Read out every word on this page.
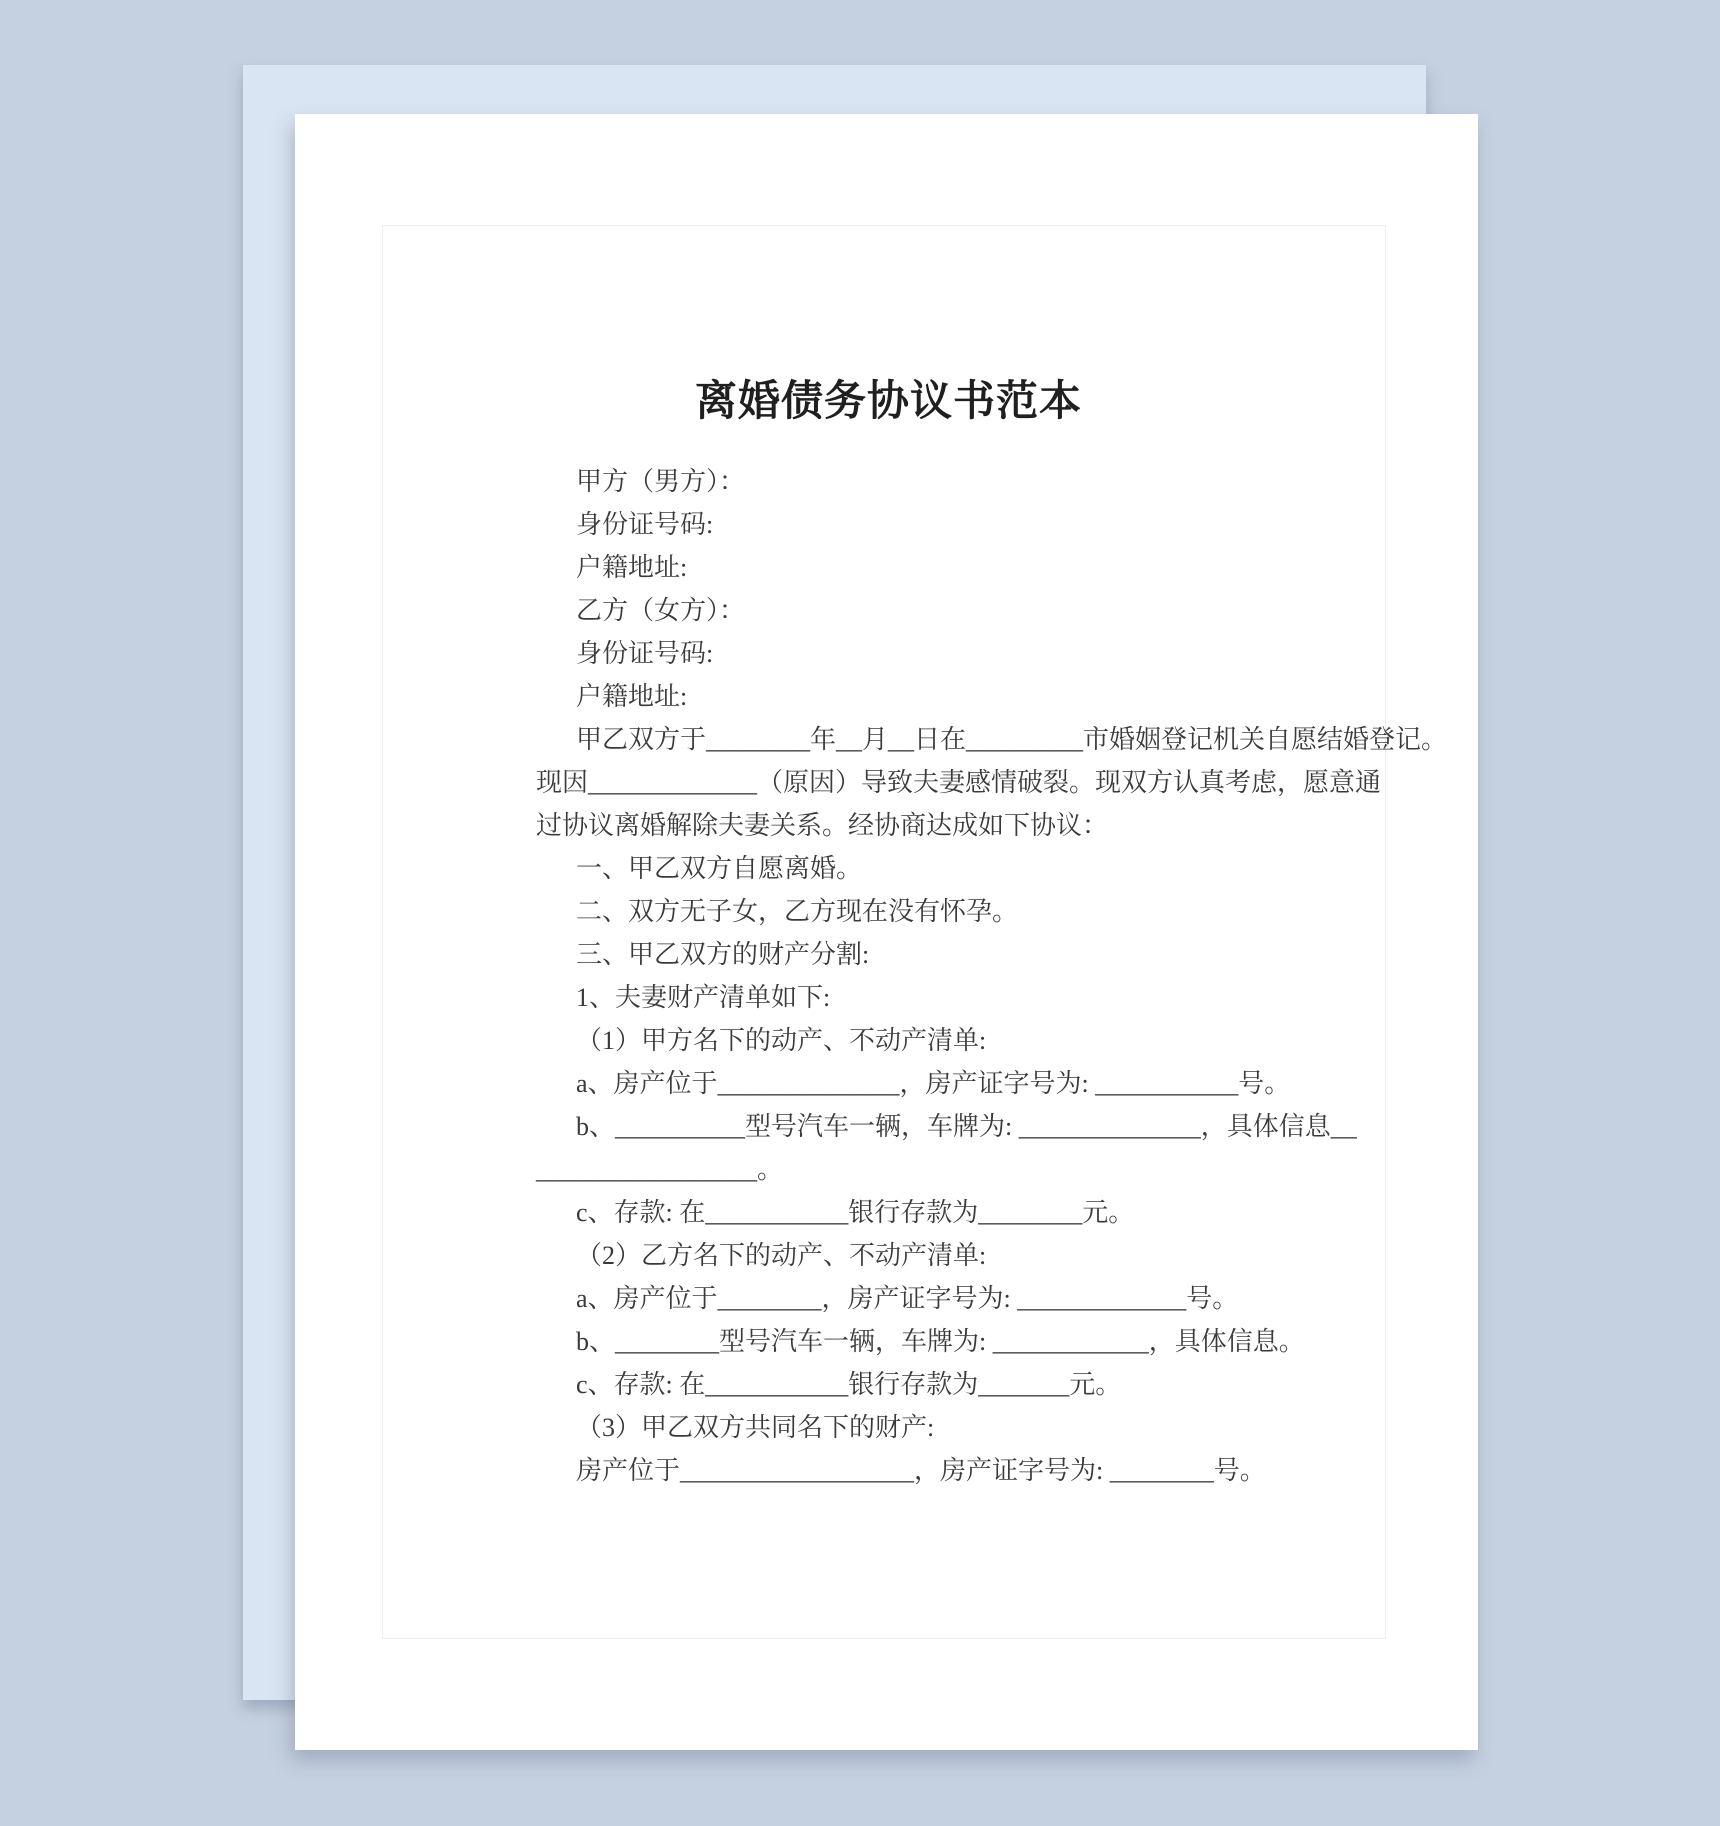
离婚债务协议书范本

甲方（男方）：

身份证号码:

户籍地址:

乙方（女方）：

身份证号码:

户籍地址:

甲乙双方于________年__月__日在_________市婚姻登记机关自愿结婚登记。

现因_____________（原因）导致夫妻感情破裂。现双方认真考虑，愿意通

过协议离婚解除夫妻关系。经协商达成如下协议：

一、甲乙双方自愿离婚。

二、双方无子女，乙方现在没有怀孕。

三、甲乙双方的财产分割:

1、夫妻财产清单如下:

（1）甲方名下的动产、不动产清单:

a、房产位于______________，房产证字号为: ___________号。

b、__________型号汽车一辆，车牌为: ______________，具体信息__

_________________。

c、存款: 在___________银行存款为________元。

（2）乙方名下的动产、不动产清单:

a、房产位于________，房产证字号为: _____________号。

b、________型号汽车一辆，车牌为: ____________，具体信息。

c、存款: 在___________银行存款为_______元。

（3）甲乙双方共同名下的财产:

房产位于__________________，房产证字号为: ________号。
